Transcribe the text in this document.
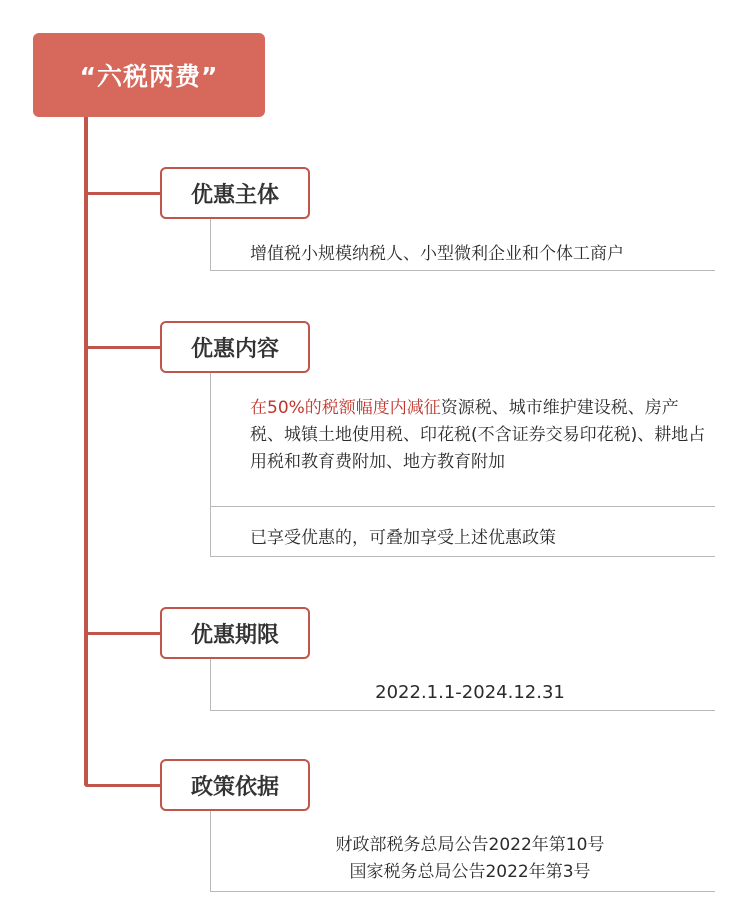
“六税两费”
优惠主体
增值税小规模纳税人、小型微利企业和个体工商户
优惠内容
在50%的税额幅度内减征资源税、城市维护建设税、房产税、城镇土地使用税、印花税(不含证券交易印花税)、耕地占用税和教育费附加、地方教育附加
已享受优惠的，可叠加享受上述优惠政策
优惠期限
2022.1.1-2024.12.31
政策依据
财政部税务总局公告2022年第10号
国家税务总局公告2022年第3号
